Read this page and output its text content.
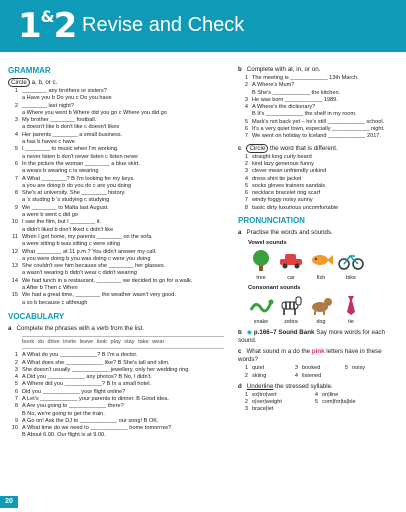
1&2 Revise and Check
GRAMMAR
Circle a, b, or c.
1 ________ any brothers or sisters?
a Have you b Do you c Do you have
2 ________ last night?
a Where you went b Where did you go c Where you did go
3 My brother ________ football.
a doesn't like b don't like c doesn't likes
4 Her parents ________ a small business.
a has b haves c have
5 I ________ to music when I'm working.
a never listen b don't never listen c listen never
6 In the picture the woman ________ a blue skirt.
a wears b wearing c is wearing
7 A What ________? B I'm looking for my keys.
a you are doing b do you do c are you doing
8 She's at university. She ________ history.
a 's studing b 's studying c studying
9 We ________ to Malta last August.
a were b went c did go
10 I saw the film, but I ________ it.
a didn't liked b don't liked c didn't like
11 When I got home, my parents ________ on the sofa.
a were sitting b was sitting c were siting
12 What ________ at 11 p.m.? You didn't answer my call.
a you were doing b you was doing c were you doing
13 She couldn't see him because she ________ her glasses.
a wasn't wearing b didn't wear c didn't wearing
14 We had lunch in a restaurant, ________ we decided to go for a walk.
a After b Then c When
15 We had a great time, ________ the weather wasn't very good.
a so b because c although
VOCABULARY
a Complete the phrases with a verb from the list.
book do drive invite leave look play stay take wear
1 A What do you ____________? B I'm a doctor.
2 A What does she ____________ like? B She's tall and slim.
3 She doesn't usually ____________ jewellery, only her wedding ring.
4 A Did you ____________ any photos? B No, I didn't.
5 A Where did you ____________? B In a small hotel.
6 Did you ____________ your flight online?
7 A Let's ____________ your parents to dinner. B Good idea.
8 A Are you going to ____________ there?
B No, we're going to get the train.
9 A Go on! Ask the DJ to ____________ our song! B OK.
10 A What time do we need to ____________ home tomorrow?
B About 6.00. Our flight is at 9.00.
b Complete with at, in, or on.
1 The meeting is ____________ 13th March.
2 A Where's Mum?
B She's ____________ the kitchen.
3 He was born ____________ 1989.
4 A Where's the dictionary?
B It's ____________ the shelf in my room.
5 Mark's not back yet – he's still ____________ school.
6 It's a very quiet town, especially ____________ night.
7 We went on holiday to Iceland ____________ 2017.
c Circle the word that is different.
1 straight long curly beard
2 kind lazy generous funny
3 clever mean unfriendly unkind
4 dress shirt tie jacket
5 socks gloves trainers sandals
6 necklace bracelet ring scarf
7 windy foggy noisy sunny
8 basic dirty luxurious uncomfortable
PRONUNCIATION
a Practise the words and sounds.
Vowel sounds
tree	car	fish	bike
Consonant sounds
snake	zebra	dog	tie
b ◉ p.166–7 Sound Bank Say more words for each sound.
c What sound in a do the pink letters have in these words?
1 quiet	3 booked	5 noisy
2 skiing	4 listened
d Underline the stressed syllable.
1 ex|tro|vert	4 on|line
2 o|ver|weight	5 com|for|ta|ble
3 brace|let
20
